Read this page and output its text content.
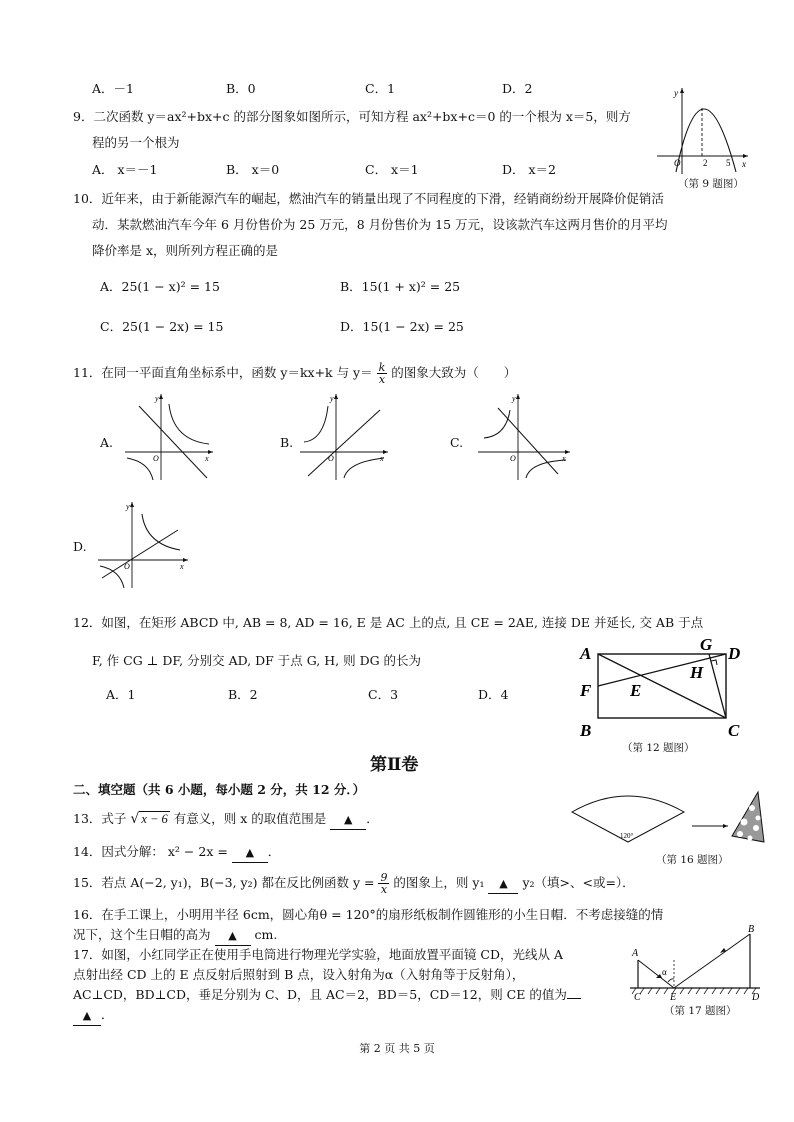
A．－1	B．0	C．1	D．2
9．二次函数 y＝ax²+bx+c 的部分图象如图所示，可知方程 ax²+bx+c＝0 的一个根为 x＝5，则方
程的另一个根为
A． x＝－1	B． x＝0	C． x＝1	D． x＝2
y
x
O	2 5
（第 9 题图）
10．近年来，由于新能源汽车的崛起，燃油汽车的销量出现了不同程度的下滑，经销商纷纷开展降价促销活
动．某款燃油汽车今年 6 月份售价为 25 万元，8 月份售价为 15 万元，设该款汽车这两月售价的月平均
降价率是 x，则所列方程正确的是
A．25(1 − x)² = 15	B．15(1 + x)² = 25
C．25(1 − 2x) = 15	D．15(1 − 2x) = 25
11．在同一平面直角坐标系中，函数 y＝kx+k 与 $y= \frac{k}{x}$ 的图象大致为（　　）
A.
y
x
O
B.
y
x
O
C.
y
x
O
D.
y
x
O
12．如图，在矩形 ABCD 中, AB = 8, AD = 16, E 是 AC 上的点, 且 CE = 2AE, 连接 DE 并延长, 交 AB 于点
F, 作 CG ⊥ DF, 分别交 AD, DF 于点 G, H, 则 DG 的长为
A．1	B．2	C．3	D．4
A
B	C
D
E
F
G
H
（第 12 题图）
第Ⅱ卷
二、填空题（共 6 小题，每小题 2 分，共 12 分．）
13．式子 √ x − 6 有意义，则 x 的取值范围是 ▲ ．
14．因式分解： x² − 2x = ▲ ．
120°
（第 16 题图）
15．若点 A(−2, y₁)，B(−3, y₂) 都在反比例函数 $y = \frac{9}{x}$ 的图象上，则 y₁ ▲ y₂（填>、<或=）．
16．在手工课上，小明用半径 6cm，圆心角θ = 120°的扇形纸板制作圆锥形的小生日帽．不考虑接缝的情
况下，这个生日帽的高为 ▲ cm.
17．如图，小红同学正在使用手电筒进行物理光学实验，地面放置平面镜 CD，光线从 A
点射出经 CD 上的 E 点反射后照射到 B 点，设入射角为α（入射角等于反射角），
AC⊥CD，BD⊥CD，垂足分别为 C、D，且 AC＝2，BD＝5，CD＝12，则 CE 的值为
▲ ．
A
B
C	D
E
α
（第 17 题图）
第 2 页 共 5 页
